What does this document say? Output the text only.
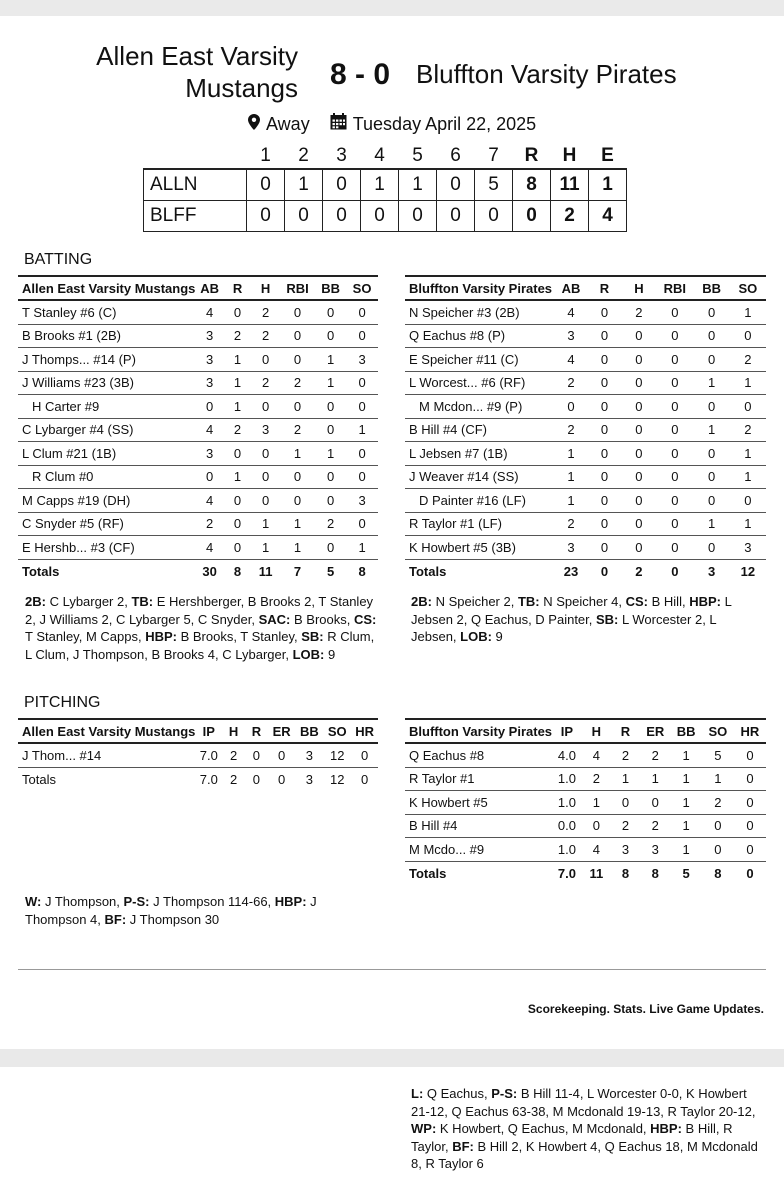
Allen East Varsity Mustangs	8 - 0 Bluffton Varsity Pirates
Away Tuesday April 22, 2025
	1	2	3	4	5	6	7	R	H	E
ALLN	0	1	0	1	1	0	5	8	11	1
BLFF	0	0	0	0	0	0	0	0	2	4
BATTING
Allen East Varsity Mustangs	AB	R	H	RBI	BB	SO
T Stanley #6 (C)	4	0	2	0	0	0
B Brooks #1 (2B)	3	2	2	0	0	0
J Thomps... #14 (P)	3	1	0	0	1	3
J Williams #23 (3B)	3	1	2	2	1	0
H Carter #9	0	1	0	0	0	0
C Lybarger #4 (SS)	4	2	3	2	0	1
L Clum #21 (1B)	3	0	0	1	1	0
R Clum #0	0	1	0	0	0	0
M Capps #19 (DH)	4	0	0	0	0	3
C Snyder #5 (RF)	2	0	1	1	2	0
E Hershb... #3 (CF)	4	0	1	1	0	1
Totals	30	8	11	7	5	8
Bluffton Varsity Pirates	AB	R	H	RBI	BB	SO
N Speicher #3 (2B)	4	0	2	0	0	1
Q Eachus #8 (P)	3	0	0	0	0	0
E Speicher #11 (C)	4	0	0	0	0	2
L Worcest... #6 (RF)	2	0	0	0	1	1
M Mcdon... #9 (P)	0	0	0	0	0	0
B Hill #4 (CF)	2	0	0	0	1	2
L Jebsen #7 (1B)	1	0	0	0	0	1
J Weaver #14 (SS)	1	0	0	0	0	1
D Painter #16 (LF)	1	0	0	0	0	0
R Taylor #1 (LF)	2	0	0	0	1	1
K Howbert #5 (3B)	3	0	0	0	0	3
Totals	23	0	2	0	3	12
2B: C Lybarger 2, TB: E Hershberger, B Brooks 2, T Stanley 2, J Williams 2, C Lybarger 5, C Snyder, SAC: B Brooks, CS: T Stanley, M Capps, HBP: B Brooks, T Stanley, SB: R Clum, L Clum, J Thompson, B Brooks 4, C Lybarger, LOB: 9
2B: N Speicher 2, TB: N Speicher 4, CS: B Hill, HBP: L Jebsen 2, Q Eachus, D Painter, SB: L Worcester 2, L Jebsen, LOB: 9
PITCHING
Allen East Varsity Mustangs	IP	H	R	ER	BB	SO	HR
J Thom... #14	7.0	2	0	0	3	12	0
Totals	7.0	2	0	0	3	12	0
Bluffton Varsity Pirates	IP	H	R	ER	BB	SO	HR
Q Eachus #8	4.0	4	2	2	1	5	0
R Taylor #1	1.0	2	1	1	1	1	0
K Howbert #5	1.0	1	0	0	1	2	0
B Hill #4	0.0	0	2	2	1	0	0
M Mcdo... #9	1.0	4	3	3	1	0	0
Totals	7.0	11	8	8	5	8	0
W: J Thompson, P-S: J Thompson 114-66, HBP: J Thompson 4, BF: J Thompson 30
Scorekeeping. Stats. Live Game Updates.
L: Q Eachus, P-S: B Hill 11-4, L Worcester 0-0, K Howbert 21-12, Q Eachus 63-38, M Mcdonald 19-13, R Taylor 20-12, WP: K Howbert, Q Eachus, M Mcdonald, HBP: B Hill, R Taylor, BF: B Hill 2, K Howbert 4, Q Eachus 18, M Mcdonald 8, R Taylor 6
